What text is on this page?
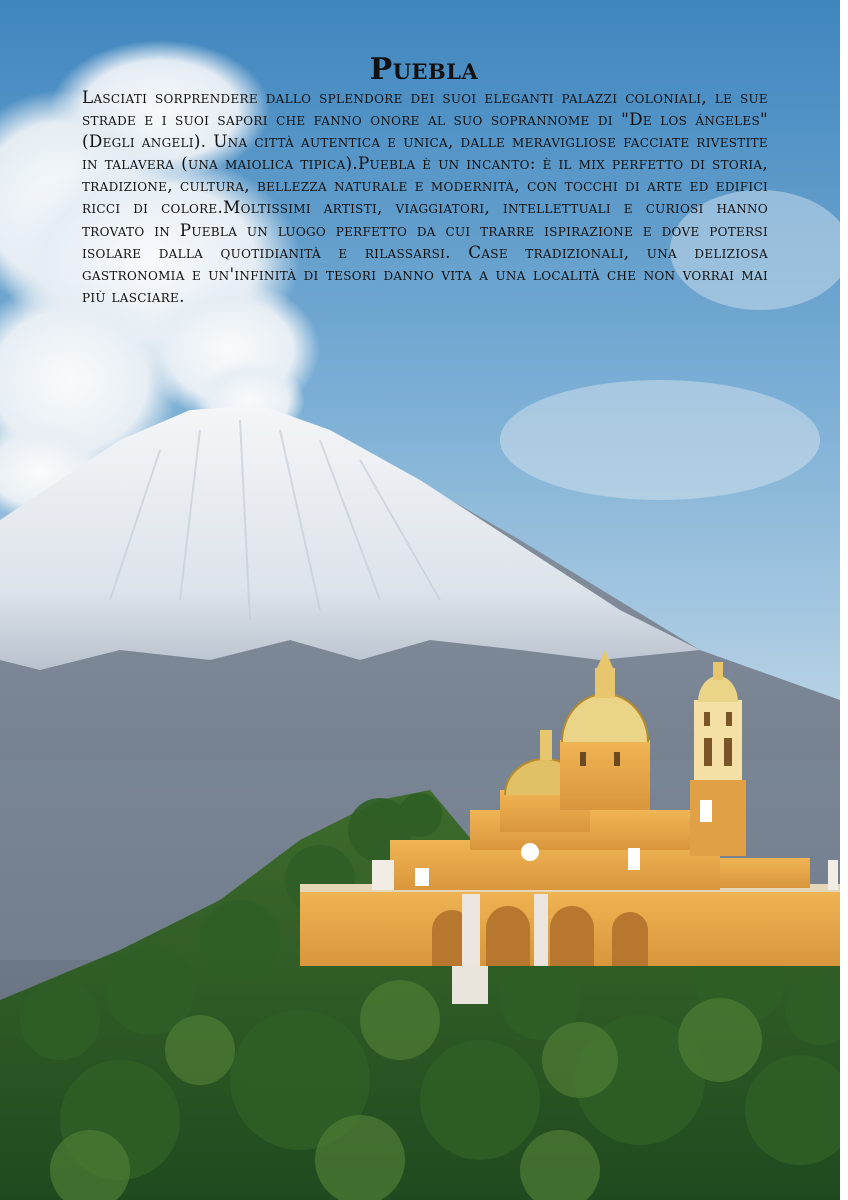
Puebla

Lasciati sorprendere dallo splendore dei suoi eleganti palazzi coloniali, le sue strade e i suoi sapori che fanno onore al suo soprannome di "De los ángeles" (Degli angeli). Una città autentica e unica, dalle meravigliose facciate rivestite in talavera (una maiolica tipica).Puebla è un incanto: è il mix perfetto di storia, tradizione, cultura, bellezza naturale e modernità, con tocchi di arte ed edifici ricci di colore.Moltissimi artisti, viaggiatori, intellettuali e curiosi hanno trovato in Puebla un luogo perfetto da cui trarre ispirazione e dove potersi isolare dalla quotidianità e rilassarsi. Case tradizionali, una deliziosa gastronomia e un'infinità di tesori danno vita a una località che non vorrai mai più lasciare.
